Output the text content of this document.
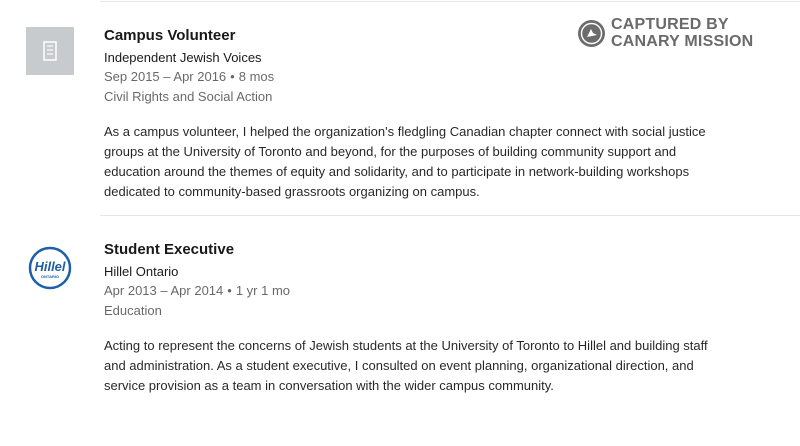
Campus Volunteer
Independent Jewish Voices
Sep 2015 – Apr 2016 • 8 mos
Civil Rights and Social Action
As a campus volunteer, I helped the organization's fledgling Canadian chapter connect with social justice groups at the University of Toronto and beyond, for the purposes of building community support and education around the themes of equity and solidarity, and to participate in network-building workshops dedicated to community-based grassroots organizing on campus.
Hillel
ONTARIO
Student Executive
Hillel Ontario
Apr 2013 – Apr 2014 • 1 yr 1 mo
Education
Acting to represent the concerns of Jewish students at the University of Toronto to Hillel and building staff and administration. As a student executive, I consulted on event planning, organizational direction, and service provision as a team in conversation with the wider campus community.
CAPTURED BY
CANARY MISSION
